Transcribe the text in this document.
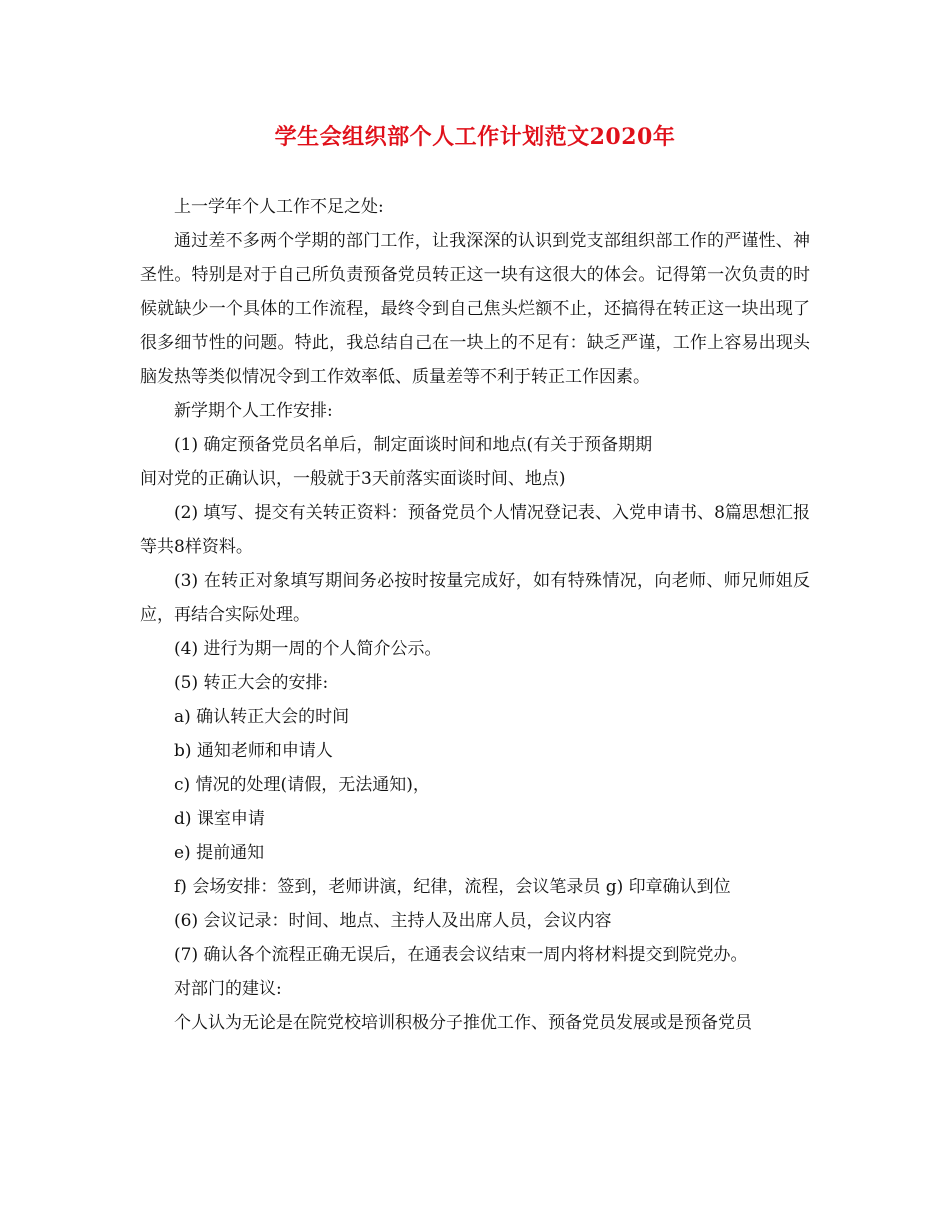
学生会组织部个人工作计划范文2020年

上一学年个人工作不足之处:

通过差不多两个学期的部门工作，让我深深的认识到党支部组织部工作的严谨性、神圣性。特别是对于自己所负责预备党员转正这一块有这很大的体会。记得第一次负责的时候就缺少一个具体的工作流程，最终令到自己焦头烂额不止，还搞得在转正这一块出现了很多细节性的问题。特此，我总结自己在一块上的不足有：缺乏严谨，工作上容易出现头脑发热等类似情况令到工作效率低、质量差等不利于转正工作因素。

新学期个人工作安排:

(1) 确定预备党员名单后，制定面谈时间和地点(有关于预备期期

间对党的正确认识，一般就于3天前落实面谈时间、地点)

(2) 填写、提交有关转正资料：预备党员个人情况登记表、入党申请书、8篇思想汇报等共8样资料。

(3) 在转正对象填写期间务必按时按量完成好，如有特殊情况，向老师、师兄师姐反应，再结合实际处理。

(4) 进行为期一周的个人简介公示。

(5) 转正大会的安排:

a) 确认转正大会的时间

b) 通知老师和申请人

c) 情况的处理(请假，无法通知)，

d) 课室申请

e) 提前通知

f) 会场安排：签到，老师讲演，纪律，流程，会议笔录员 g) 印章确认到位

(6) 会议记录：时间、地点、主持人及出席人员，会议内容

(7) 确认各个流程正确无误后，在通表会议结束一周内将材料提交到院党办。

对部门的建议:

个人认为无论是在院党校培训积极分子推优工作、预备党员发展或是预备党员
